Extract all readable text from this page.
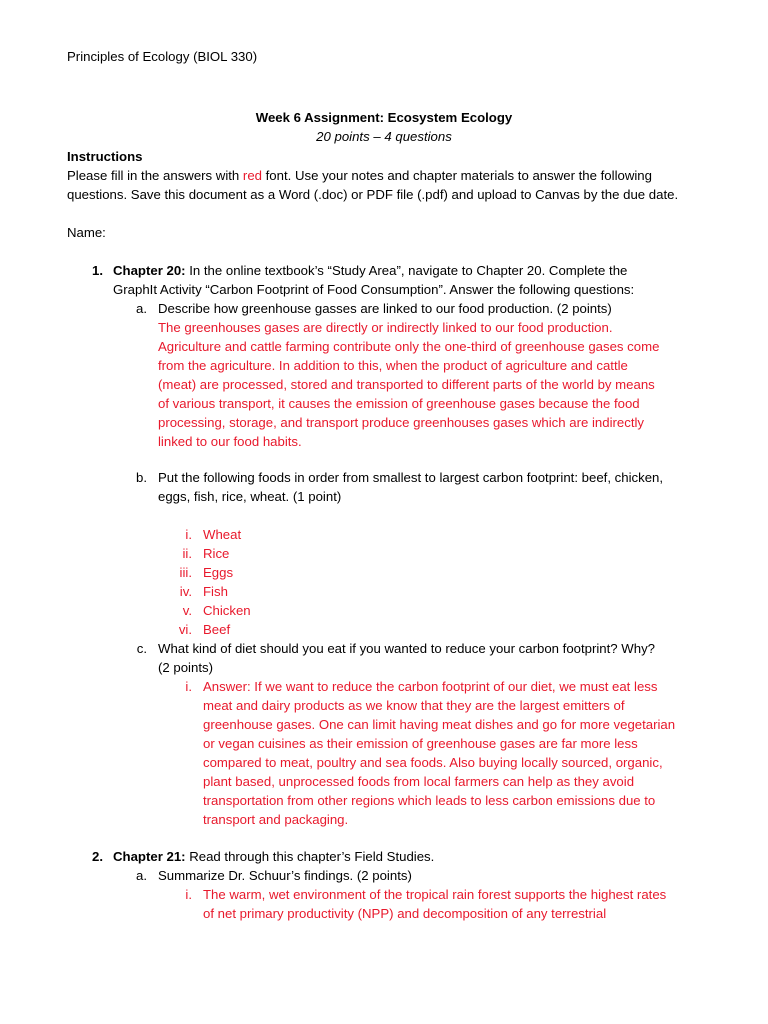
Principles of Ecology (BIOL 330)
Week 6 Assignment: Ecosystem Ecology
20 points – 4 questions
Instructions
Please fill in the answers with red font. Use your notes and chapter materials to answer the following
questions. Save this document as a Word (.doc) or PDF file (.pdf) and upload to Canvas by the due date.
Name:
1. Chapter 20: In the online textbook’s “Study Area”, navigate to Chapter 20. Complete the
GraphIt Activity “Carbon Footprint of Food Consumption”. Answer the following questions:
a. Describe how greenhouse gasses are linked to our food production. (2 points)
The greenhouses gases are directly or indirectly linked to our food production.
Agriculture and cattle farming contribute only the one-third of greenhouse gases come
from the agriculture. In addition to this, when the product of agriculture and cattle
(meat) are processed, stored and transported to different parts of the world by means
of various transport, it causes the emission of greenhouse gases because the food
processing, storage, and transport produce greenhouses gases which are indirectly
linked to our food habits.
b. Put the following foods in order from smallest to largest carbon footprint: beef, chicken,
eggs, fish, rice, wheat. (1 point)
i. Wheat
ii. Rice
iii. Eggs
iv. Fish
v. Chicken
vi. Beef
c. What kind of diet should you eat if you wanted to reduce your carbon footprint? Why?
(2 points)
i. Answer: If we want to reduce the carbon footprint of our diet, we must eat less
meat and dairy products as we know that they are the largest emitters of
greenhouse gases. One can limit having meat dishes and go for more vegetarian
or vegan cuisines as their emission of greenhouse gases are far more less
compared to meat, poultry and sea foods. Also buying locally sourced, organic,
plant based, unprocessed foods from local farmers can help as they avoid
transportation from other regions which leads to less carbon emissions due to
transport and packaging.
2. Chapter 21: Read through this chapter’s Field Studies.
a. Summarize Dr. Schuur’s findings. (2 points)
i. The warm, wet environment of the tropical rain forest supports the highest rates
of net primary productivity (NPP) and decomposition of any terrestrial
